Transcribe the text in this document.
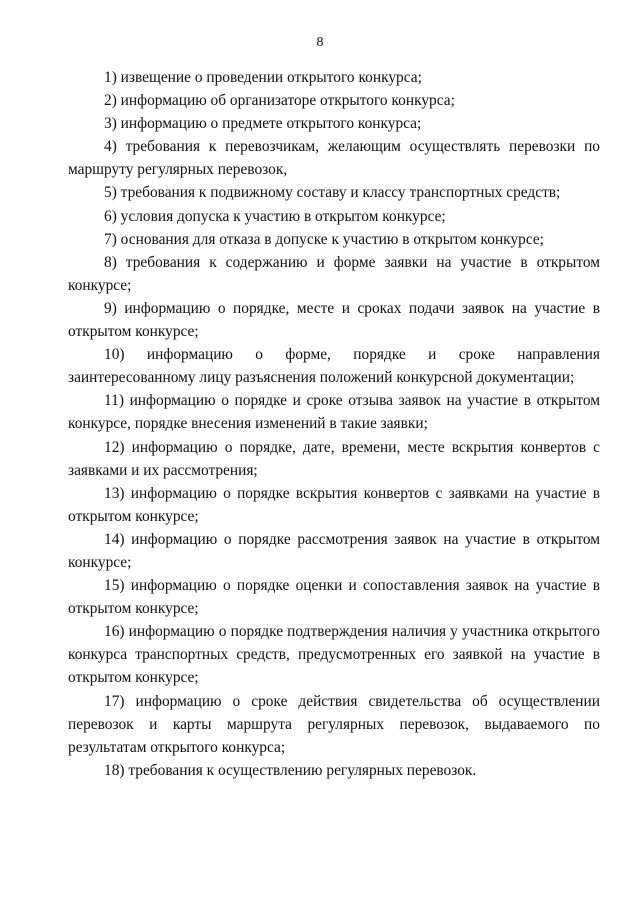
8

1) извещение о проведении открытого конкурса;

2) информацию об организаторе открытого конкурса;

3) информацию о предмете открытого конкурса;

4) требования к перевозчикам, желающим осуществлять перевозки по маршруту регулярных перевозок,

5) требования к подвижному составу и классу транспортных средств;

6) условия допуска к участию в открытом конкурсе;

7) основания для отказа в допуске к участию в открытом конкурсе;

8) требования к содержанию и форме заявки на участие в открытом конкурсе;

9) информацию о порядке, месте и сроках подачи заявок на участие в открытом конкурсе;

10) информацию о форме, порядке и сроке направления заинтересованному лицу разъяснения положений конкурсной документации;

11) информацию о порядке и сроке отзыва заявок на участие в открытом конкурсе, порядке внесения изменений в такие заявки;

12) информацию о порядке, дате, времени, месте вскрытия конвертов с заявками и их рассмотрения;

13) информацию о порядке вскрытия конвертов с заявками на участие в открытом конкурсе;

14) информацию о порядке рассмотрения заявок на участие в открытом конкурсе;

15) информацию о порядке оценки и сопоставления заявок на участие в открытом конкурсе;

16) информацию о порядке подтверждения наличия у участника открытого конкурса транспортных средств, предусмотренных его заявкой на участие в открытом конкурсе;

17) информацию о сроке действия свидетельства об осуществлении перевозок и карты маршрута регулярных перевозок, выдаваемого по результатам открытого конкурса;

18) требования к осуществлению регулярных перевозок.
